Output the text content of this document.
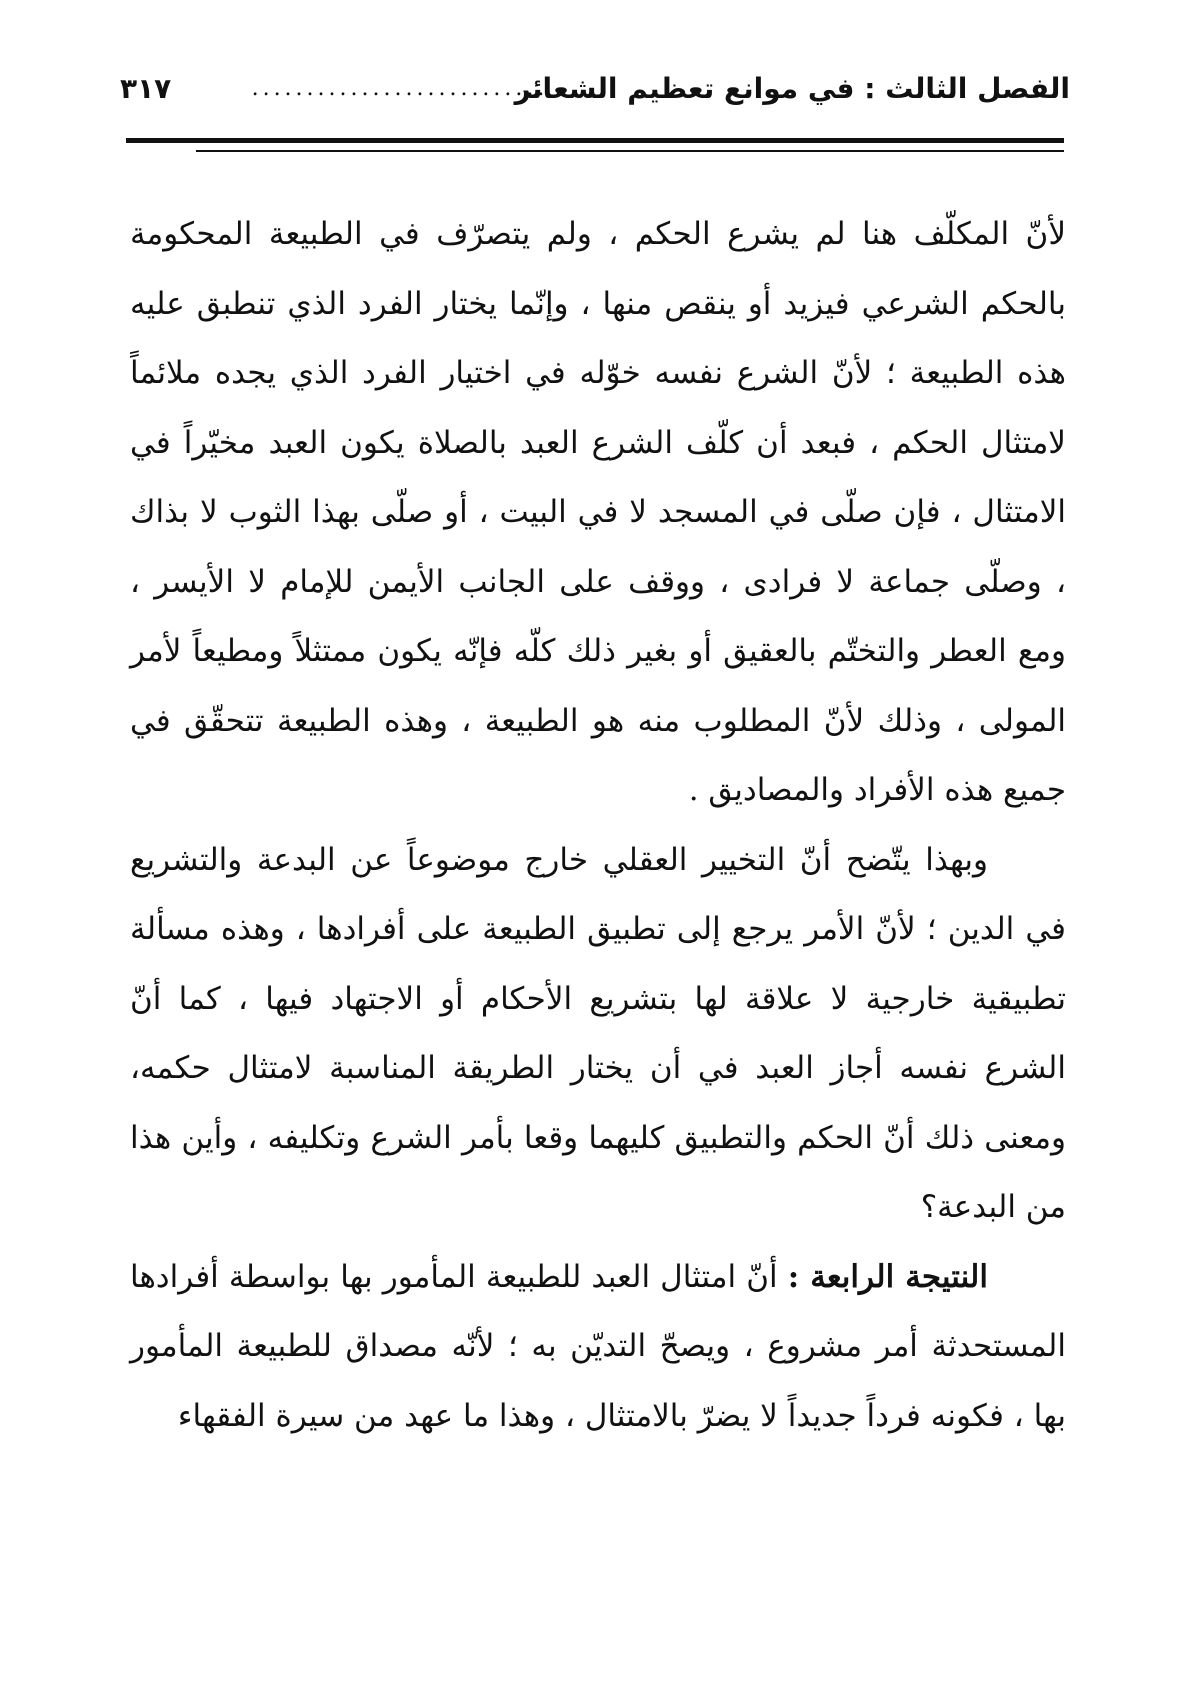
الفصل الثالث : في موانع تعظيم الشعائر
...........................
٣١٧

لأنّ المكلّف هنا لم يشرع الحكم ، ولم يتصرّف في الطبيعة المحكومة بالحكم الشرعي فيزيد أو ينقص منها ، وإنّما يختار الفرد الذي تنطبق عليه هذه الطبيعة ؛ لأنّ الشرع نفسه خوّله في اختيار الفرد الذي يجده ملائماً لامتثال الحكم ، فبعد أن كلّف الشرع العبد بالصلاة يكون العبد مخيّراً في الامتثال ، فإن صلّى في المسجد لا في البيت ، أو صلّى بهذا الثوب لا بذاك ، وصلّى جماعة لا فرادى ، ووقف على الجانب الأيمن للإمام لا الأيسر ، ومع العطر والتختّم بالعقيق أو بغير ذلك كلّه فإنّه يكون ممتثلاً ومطيعاً لأمر المولى ، وذلك لأنّ المطلوب منه هو الطبيعة ، وهذه الطبيعة تتحقّق في جميع هذه الأفراد والمصاديق .

وبهذا يتّضح أنّ التخيير العقلي خارج موضوعاً عن البدعة والتشريع في الدين ؛ لأنّ الأمر يرجع إلى تطبيق الطبيعة على أفرادها ، وهذه مسألة تطبيقية خارجية لا علاقة لها بتشريع الأحكام أو الاجتهاد فيها ، كما أنّ الشرع نفسه أجاز العبد في أن يختار الطريقة المناسبة لامتثال حكمه، ومعنى ذلك أنّ الحكم والتطبيق كليهما وقعا بأمر الشرع وتكليفه ، وأين هذا من البدعة؟

النتيجة الرابعة : أنّ امتثال العبد للطبيعة المأمور بها بواسطة أفرادها المستحدثة أمر مشروع ، ويصحّ التديّن به ؛ لأنّه مصداق للطبيعة المأمور بها ، فكونه فرداً جديداً لا يضرّ بالامتثال ، وهذا ما عهد من سيرة الفقهاء
